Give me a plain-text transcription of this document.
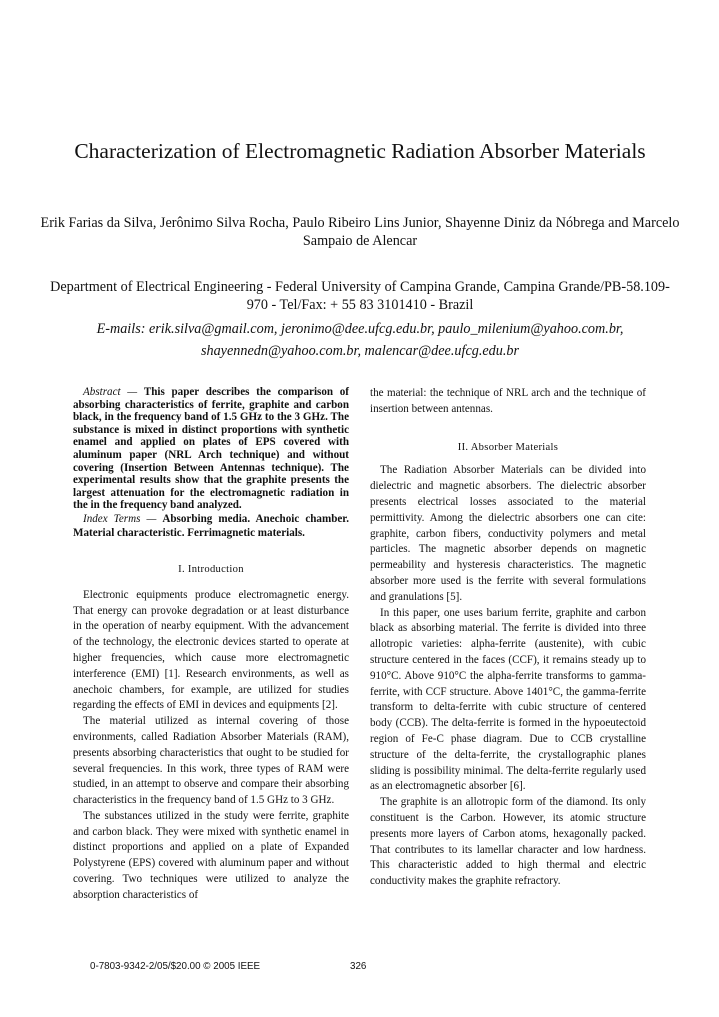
Characterization of Electromagnetic Radiation Absorber Materials
Erik Farias da Silva, Jerônimo Silva Rocha, Paulo Ribeiro Lins Junior, Shayenne Diniz da Nóbrega and Marcelo Sampaio de Alencar
Department of Electrical Engineering - Federal University of Campina Grande, Campina Grande/PB-58.109-970 - Tel/Fax: + 55 83 3101410 - Brazil
E-mails: erik.silva@gmail.com, jeronimo@dee.ufcg.edu.br, paulo_milenium@yahoo.com.br, shayennedn@yahoo.com.br, malencar@dee.ufcg.edu.br

Abstract — This paper describes the comparison of absorbing characteristics of ferrite, graphite and carbon black, in the frequency band of 1.5 GHz to the 3 GHz. The substance is mixed in distinct proportions with synthetic enamel and applied on plates of EPS covered with aluminum paper (NRL Arch technique) and without covering (Insertion Between Antennas technique). The experimental results show that the graphite presents the largest attenuation for the electromagnetic radiation in the in the frequency band analyzed.

Index Terms — Absorbing media. Anechoic chamber. Material characteristic. Ferrimagnetic materials.

I. Introduction

Electronic equipments produce electromagnetic energy. That energy can provoke degradation or at least disturbance in the operation of nearby equipment. With the advancement of the technology, the electronic devices started to operate at higher frequencies, which cause more electromagnetic interference (EMI) [1]. Research environments, as well as anechoic chambers, for example, are utilized for studies regarding the effects of EMI in devices and equipments [2].

The material utilized as internal covering of those environments, called Radiation Absorber Materials (RAM), presents absorbing characteristics that ought to be studied for several frequencies. In this work, three types of RAM were studied, in an attempt to observe and compare their absorbing characteristics in the frequency band of 1.5 GHz to 3 GHz.

The substances utilized in the study were ferrite, graphite and carbon black. They were mixed with synthetic enamel in distinct proportions and applied on a plate of Expanded Polystyrene (EPS) covered with aluminum paper and without covering. Two techniques were utilized to analyze the absorption characteristics of

the material: the technique of NRL arch and the technique of insertion between antennas.

II. Absorber Materials

The Radiation Absorber Materials can be divided into dielectric and magnetic absorbers. The dielectric absorber presents electrical losses associated to the material permittivity. Among the dielectric absorbers one can cite: graphite, carbon fibers, conductivity polymers and metal particles. The magnetic absorber depends on magnetic permeability and hysteresis characteristics. The magnetic absorber more used is the ferrite with several formulations and granulations [5].

In this paper, one uses barium ferrite, graphite and carbon black as absorbing material. The ferrite is divided into three allotropic varieties: alpha-ferrite (austenite), with cubic structure centered in the faces (CCF), it remains steady up to 910°C. Above 910°C the alpha-ferrite transforms to gamma-ferrite, with CCF structure. Above 1401°C, the gamma-ferrite transform to delta-ferrite with cubic structure of centered body (CCB). The delta-ferrite is formed in the hypoeutectoid region of Fe-C phase diagram. Due to CCB crystalline structure of the delta-ferrite, the crystallographic planes sliding is possibility minimal. The delta-ferrite regularly used as an electromagnetic absorber [6].

The graphite is an allotropic form of the diamond. Its only constituent is the Carbon. However, its atomic structure presents more layers of Carbon atoms, hexagonally packed. That contributes to its lamellar character and low hardness. This characteristic added to high thermal and electric conductivity makes the graphite refractory.

0-7803-9342-2/05/$20.00 © 2005 IEEE	326
